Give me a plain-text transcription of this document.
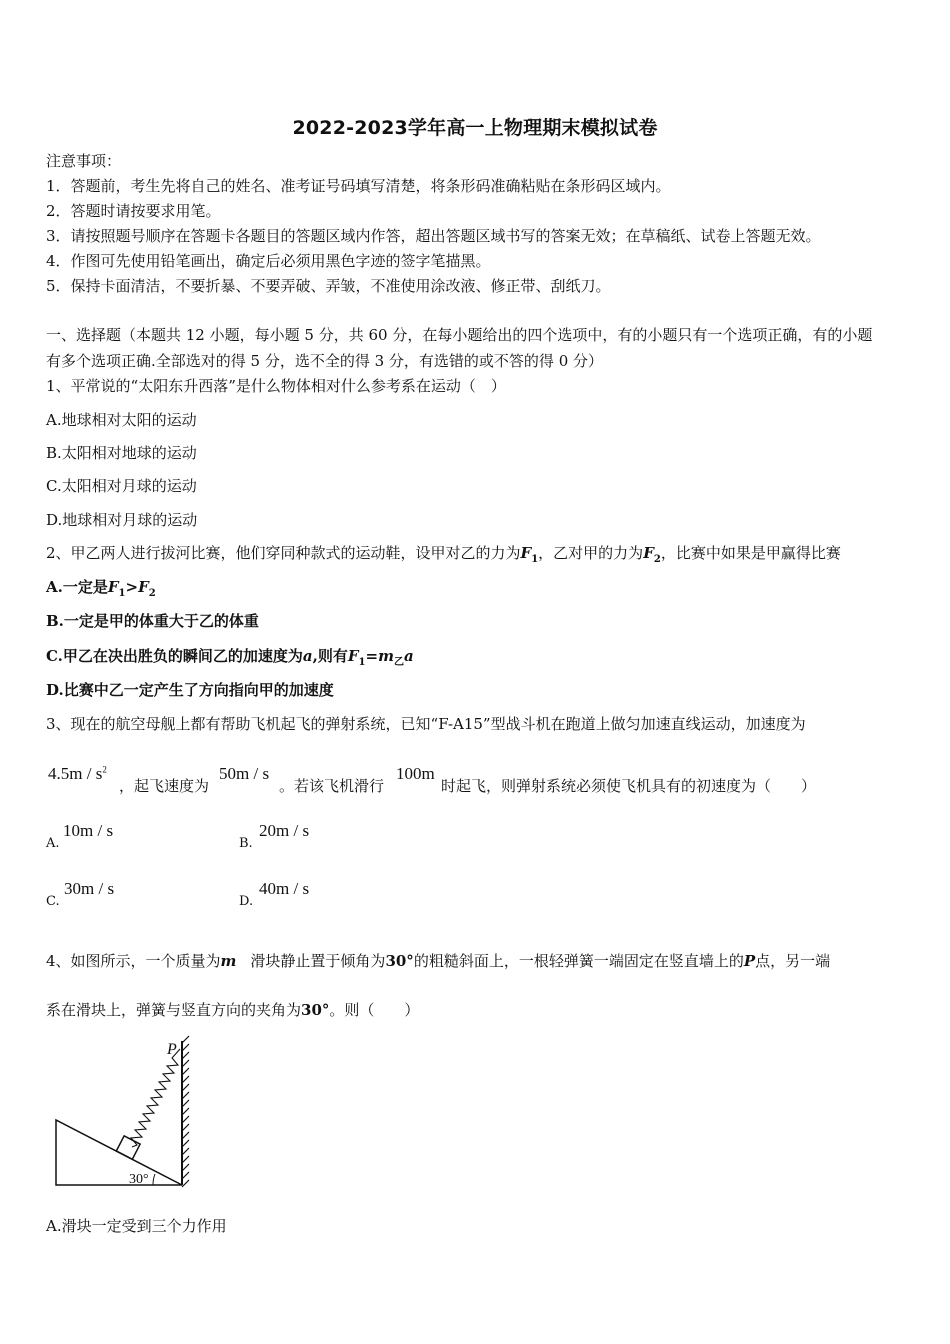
2022-2023学年高一上物理期末模拟试卷
注意事项：
1．答题前，考生先将自己的姓名、准考证号码填写清楚，将条形码准确粘贴在条形码区域内。
2．答题时请按要求用笔。
3．请按照题号顺序在答题卡各题目的答题区域内作答，超出答题区域书写的答案无效；在草稿纸、试卷上答题无效。
4．作图可先使用铅笔画出，确定后必须用黑色字迹的签字笔描黑。
5．保持卡面清洁，不要折暴、不要弄破、弄皱，不准使用涂改液、修正带、刮纸刀。
一、选择题（本题共 12 小题，每小题 5 分，共 60 分，在每小题给出的四个选项中，有的小题只有一个选项正确，有的小题
有多个选项正确.全部选对的得 5 分，选不全的得 3 分，有选错的或不答的得 0 分）
1、平常说的“太阳东升西落”是什么物体相对什么参考系在运动（　）
A.地球相对太阳的运动
B.太阳相对地球的运动
C.太阳相对月球的运动
D.地球相对月球的运动
2、甲乙两人进行拔河比赛，他们穿同种款式的运动鞋，设甲对乙的力为$F_1$，乙对甲的力为$F_2$，比赛中如果是甲赢得比赛
A.一定是$F_1>F_2$
B.一定是甲的体重大于乙的体重
C.甲乙在决出胜负的瞬间乙的加速度为a,则有$F_1=m_乙a$
D.比赛中乙一定产生了方向指向甲的加速度
3、现在的航空母舰上都有帮助飞机起飞的弹射系统，已知“F-A15”型战斗机在跑道上做匀加速直线运动，加速度为
$4.5m / s^2$
，起飞速度为
50m / s
。若该飞机滑行
100m
时起飞，则弹射系统必须使飞机具有的初速度为（　　）
A.
10m / s
B.
20m / s
C.
30m / s
D.
40m / s
4、如图所示，一个质量为m 滑块静止置于倾角为30°的粗糙斜面上，一根轻弹簧一端固定在竖直墙上的P点，另一端
系在滑块上，弹簧与竖直方向的夹角为30°。则（　　）
P
30°
A.滑块一定受到三个力作用
